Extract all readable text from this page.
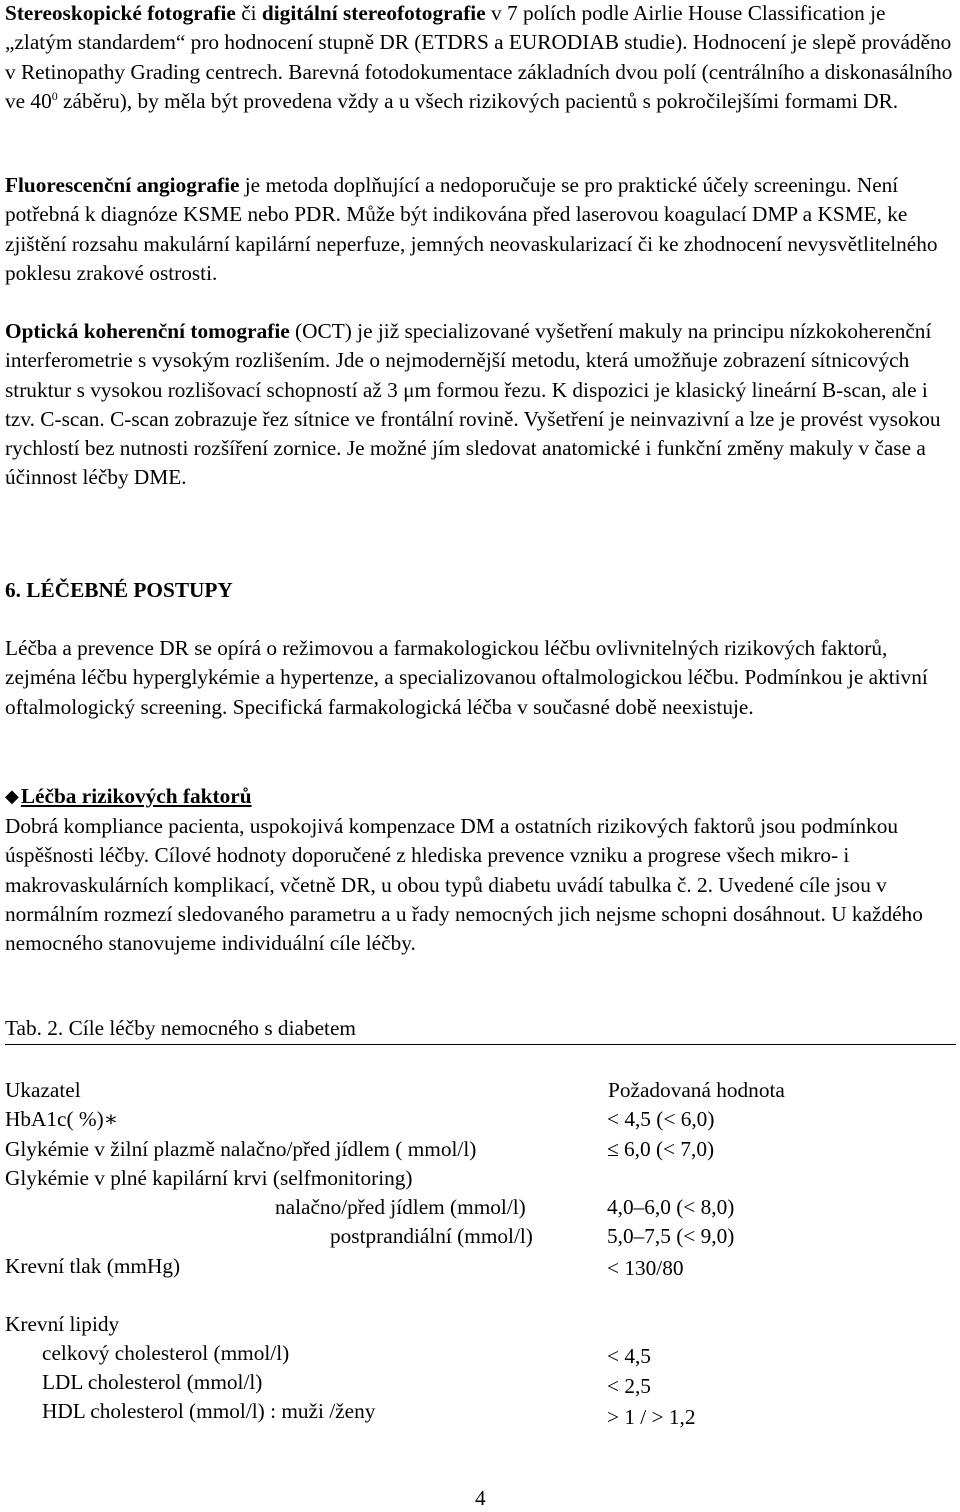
Stereoskopické fotografie či digitální stereofotografie v 7 polích podle Airlie House Classification je „zlatým standardem“ pro hodnocení stupně DR (ETDRS a EURODIAB studie). Hodnocení je slepě prováděno v Retinopathy Grading centrech. Barevná fotodokumentace základních dvou polí (centrálního a diskonasálního ve $40^0$ záběru), by měla být provedena vždy a u všech rizikových pacientů s pokročilejšími formami DR.

Fluorescenční angiografie je metoda doplňující a nedoporučuje se pro praktické účely screeningu. Není potřebná k diagnóze KSME nebo PDR. Může být indikována před laserovou koagulací DMP a KSME, ke zjištění rozsahu makulární kapilární neperfuze, jemných neovaskularizací či ke zhodnocení nevysvětlitelného poklesu zrakové ostrosti.

Optická koherenční tomografie (OCT) je již specializované vyšetření makuly na principu nízkokoherenční interferometrie s vysokým rozlišením. Jde o nejmodernější metodu, která umožňuje zobrazení sítnicových struktur s vysokou rozlišovací schopností až 3 μm formou řezu. K dispozici je klasický lineární B-scan, ale i tzv. C-scan. C-scan zobrazuje řez sítnice ve frontální rovině. Vyšetření je neinvazivní a lze je provést vysokou rychlostí bez nutnosti rozšíření zornice. Je možné jím sledovat anatomické i funkční změny makuly v čase a účinnost léčby DME.

6. LÉČEBNÉ POSTUPY

Léčba a prevence DR se opírá o režimovou a farmakologickou léčbu ovlivnitelných rizikových faktorů, zejména léčbu hyperglykémie a hypertenze, a specializovanou oftalmologickou léčbu. Podmínkou je aktivní oftalmologický screening. Specifická farmakologická léčba v současné době neexistuje.

◆Léčba rizikových faktorů

Dobrá kompliance pacienta, uspokojivá kompenzace DM a ostatních rizikových faktorů jsou podmínkou úspěšnosti léčby. Cílové hodnoty doporučené z hlediska prevence vzniku a progrese všech mikro- i makrovaskulárních komplikací, včetně DR, u obou typů diabetu uvádí tabulka č. 2. Uvedené cíle jsou v normálním rozmezí sledovaného parametru a u řady nemocných jich nejsme schopni dosáhnout. U každého nemocného stanovujeme individuální cíle léčby.

Tab. 2. Cíle léčby nemocného s diabetem
Ukazatel	Požadovaná hodnota
HbA1c( %)∗	< 4,5 (< 6,0)
Glykémie v žilní plazmě nalačno/před jídlem ( mmol/l)	≤ 6,0 (< 7,0)
Glykémie v plné kapilární krvi (selfmonitoring)
nalačno/před jídlem (mmol/l)	4,0–6,0 (< 8,0)
postprandiální (mmol/l)	5,0–7,5 (< 9,0)
Krevní tlak (mmHg)	< 130/80
Krevní lipidy
celkový cholesterol (mmol/l)	< 4,5
LDL cholesterol (mmol/l)	< 2,5
HDL cholesterol (mmol/l) : muži /ženy	> 1 / > 1,2
4
